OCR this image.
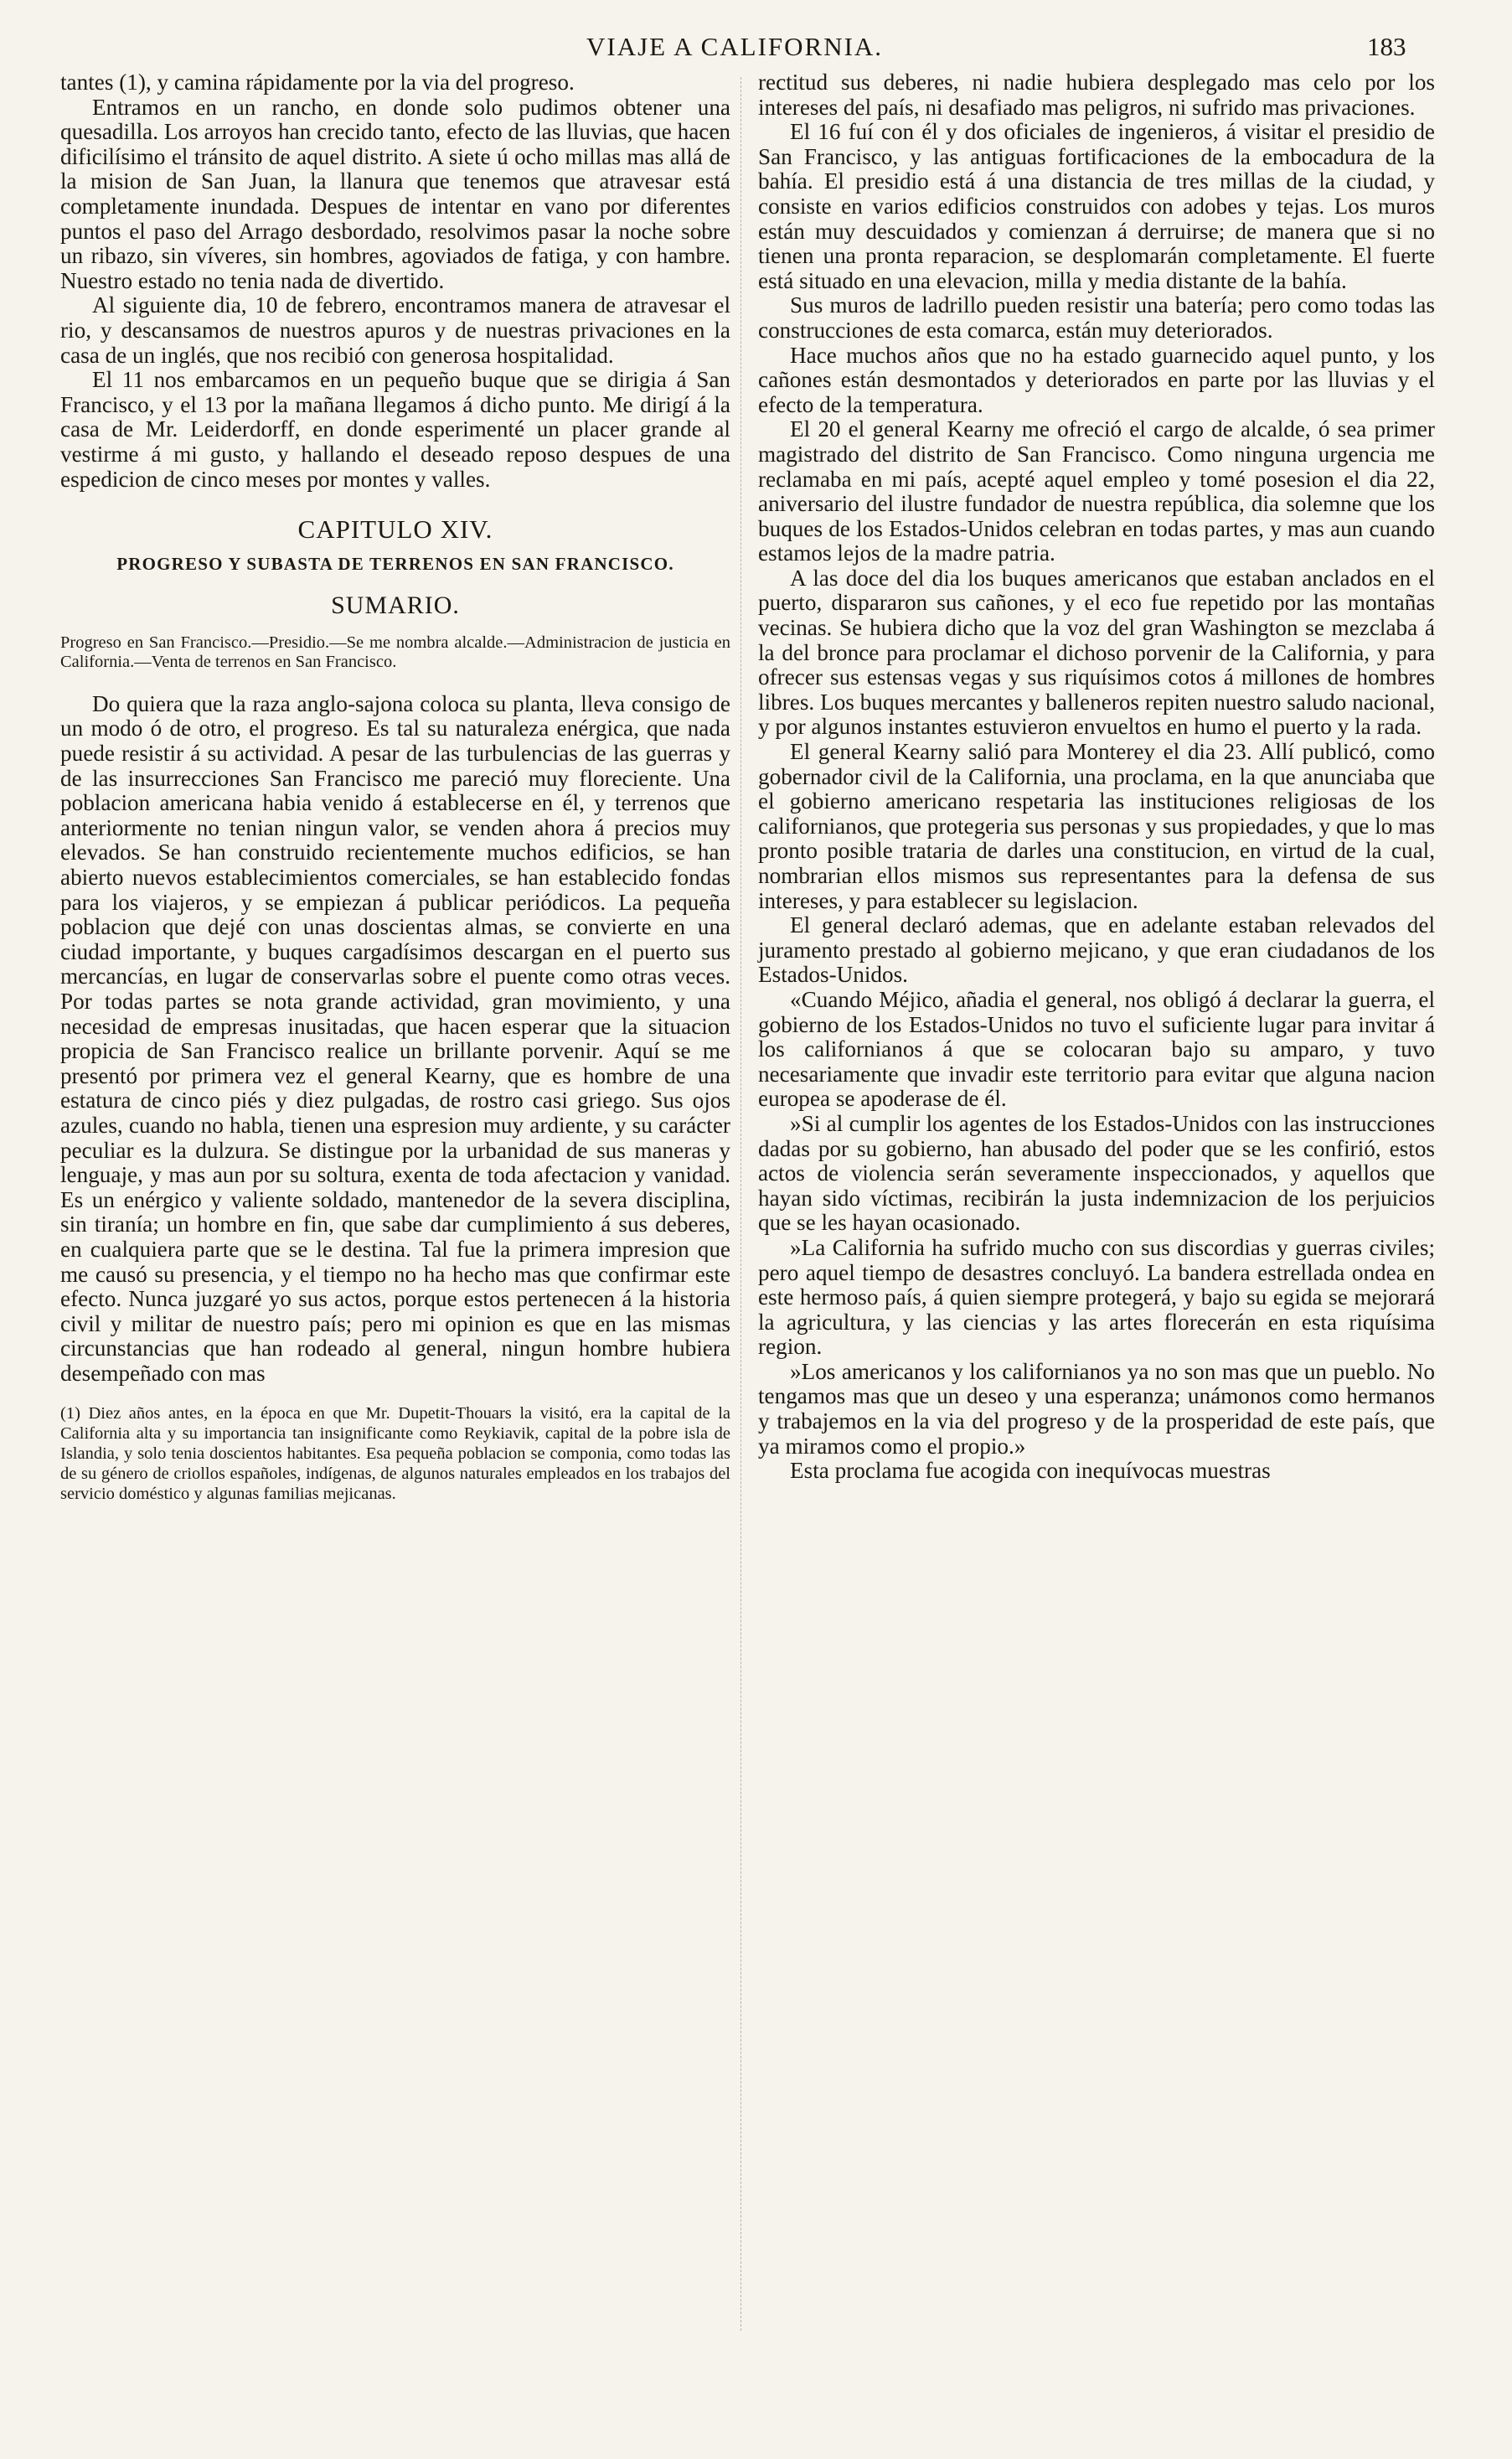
VIAJE A CALIFORNIA.	183

tantes (1), y camina rápidamente por la via del progreso.

Entramos en un rancho, en donde solo pudimos obtener una quesadilla. Los arroyos han crecido tanto, efecto de las lluvias, que hacen dificilísimo el tránsito de aquel distrito. A siete ú ocho millas mas allá de la mision de San Juan, la llanura que tenemos que atravesar está completamente inundada. Despues de intentar en vano por diferentes puntos el paso del Arrago desbordado, resolvimos pasar la noche sobre un ribazo, sin víveres, sin hombres, agoviados de fatiga, y con hambre. Nuestro estado no tenia nada de divertido.

Al siguiente dia, 10 de febrero, encontramos manera de atravesar el rio, y descansamos de nuestros apuros y de nuestras privaciones en la casa de un inglés, que nos recibió con generosa hospitalidad.

El 11 nos embarcamos en un pequeño buque que se dirigia á San Francisco, y el 13 por la mañana llegamos á dicho punto. Me dirigí á la casa de Mr. Leiderdorff, en donde esperimenté un placer grande al vestirme á mi gusto, y hallando el deseado reposo despues de una espedicion de cinco meses por montes y valles.

CAPITULO XIV.
PROGRESO Y SUBASTA DE TERRENOS EN SAN FRANCISCO.
SUMARIO.

Progreso en San Francisco.—Presidio.—Se me nombra alcalde.—Administracion de justicia en California.—Venta de terrenos en San Francisco.

Do quiera que la raza anglo-sajona coloca su planta, lleva consigo de un modo ó de otro, el progreso. Es tal su naturaleza enérgica, que nada puede resistir á su actividad. A pesar de las turbulencias de las guerras y de las insurrecciones San Francisco me pareció muy floreciente. Una poblacion americana habia venido á establecerse en él, y terrenos que anteriormente no tenian ningun valor, se venden ahora á precios muy elevados. Se han construido recientemente muchos edificios, se han abierto nuevos establecimientos comerciales, se han establecido fondas para los viajeros, y se empiezan á publicar periódicos. La pequeña poblacion que dejé con unas doscientas almas, se convierte en una ciudad importante, y buques cargadísimos descargan en el puerto sus mercancías, en lugar de conservarlas sobre el puente como otras veces. Por todas partes se nota grande actividad, gran movimiento, y una necesidad de empresas inusitadas, que hacen esperar que la situacion propicia de San Francisco realice un brillante porvenir. Aquí se me presentó por primera vez el general Kearny, que es hombre de una estatura de cinco piés y diez pulgadas, de rostro casi griego. Sus ojos azules, cuando no habla, tienen una espresion muy ardiente, y su carácter peculiar es la dulzura. Se distingue por la urbanidad de sus maneras y lenguaje, y mas aun por su soltura, exenta de toda afectacion y vanidad. Es un enérgico y valiente soldado, mantenedor de la severa disciplina, sin tiranía; un hombre en fin, que sabe dar cumplimiento á sus deberes, en cualquiera parte que se le destina. Tal fue la primera impresion que me causó su presencia, y el tiempo no ha hecho mas que confirmar este efecto. Nunca juzgaré yo sus actos, porque estos pertenecen á la historia civil y militar de nuestro país; pero mi opinion es que en las mismas circunstancias que han rodeado al general, ningun hombre hubiera desempeñado con mas

(1) Diez años antes, en la época en que Mr. Dupetit-Thouars la visitó, era la capital de la California alta y su importancia tan insignificante como Reykiavik, capital de la pobre isla de Islandia, y solo tenia doscientos habitantes. Esa pequeña poblacion se componia, como todas las de su género de criollos españoles, indígenas, de algunos naturales empleados en los trabajos del servicio doméstico y algunas familias mejicanas.

rectitud sus deberes, ni nadie hubiera desplegado mas celo por los intereses del país, ni desafiado mas peligros, ni sufrido mas privaciones.

El 16 fuí con él y dos oficiales de ingenieros, á visitar el presidio de San Francisco, y las antiguas fortificaciones de la embocadura de la bahía. El presidio está á una distancia de tres millas de la ciudad, y consiste en varios edificios construidos con adobes y tejas. Los muros están muy descuidados y comienzan á derruirse; de manera que si no tienen una pronta reparacion, se desplomarán completamente. El fuerte está situado en una elevacion, milla y media distante de la bahía.

Sus muros de ladrillo pueden resistir una batería; pero como todas las construcciones de esta comarca, están muy deteriorados.

Hace muchos años que no ha estado guarnecido aquel punto, y los cañones están desmontados y deteriorados en parte por las lluvias y el efecto de la temperatura.

El 20 el general Kearny me ofreció el cargo de alcalde, ó sea primer magistrado del distrito de San Francisco. Como ninguna urgencia me reclamaba en mi país, acepté aquel empleo y tomé posesion el dia 22, aniversario del ilustre fundador de nuestra república, dia solemne que los buques de los Estados-Unidos celebran en todas partes, y mas aun cuando estamos lejos de la madre patria.

A las doce del dia los buques americanos que estaban anclados en el puerto, dispararon sus cañones, y el eco fue repetido por las montañas vecinas. Se hubiera dicho que la voz del gran Washington se mezclaba á la del bronce para proclamar el dichoso porvenir de la California, y para ofrecer sus estensas vegas y sus riquísimos cotos á millones de hombres libres. Los buques mercantes y balleneros repiten nuestro saludo nacional, y por algunos instantes estuvieron envueltos en humo el puerto y la rada.

El general Kearny salió para Monterey el dia 23. Allí publicó, como gobernador civil de la California, una proclama, en la que anunciaba que el gobierno americano respetaria las instituciones religiosas de los californianos, que protegeria sus personas y sus propiedades, y que lo mas pronto posible trataria de darles una constitucion, en virtud de la cual, nombrarian ellos mismos sus representantes para la defensa de sus intereses, y para establecer su legislacion.

El general declaró ademas, que en adelante estaban relevados del juramento prestado al gobierno mejicano, y que eran ciudadanos de los Estados-Unidos.

«Cuando Méjico, añadia el general, nos obligó á declarar la guerra, el gobierno de los Estados-Unidos no tuvo el suficiente lugar para invitar á los californianos á que se colocaran bajo su amparo, y tuvo necesariamente que invadir este territorio para evitar que alguna nacion europea se apoderase de él.

»Si al cumplir los agentes de los Estados-Unidos con las instrucciones dadas por su gobierno, han abusado del poder que se les confirió, estos actos de violencia serán severamente inspeccionados, y aquellos que hayan sido víctimas, recibirán la justa indemnizacion de los perjuicios que se les hayan ocasionado.

»La California ha sufrido mucho con sus discordias y guerras civiles; pero aquel tiempo de desastres concluyó. La bandera estrellada ondea en este hermoso país, á quien siempre protegerá, y bajo su egida se mejorará la agricultura, y las ciencias y las artes florecerán en esta riquísima region.

»Los americanos y los californianos ya no son mas que un pueblo. No tengamos mas que un deseo y una esperanza; unámonos como hermanos y trabajemos en la via del progreso y de la prosperidad de este país, que ya miramos como el propio.»

Esta proclama fue acogida con inequívocas muestras
